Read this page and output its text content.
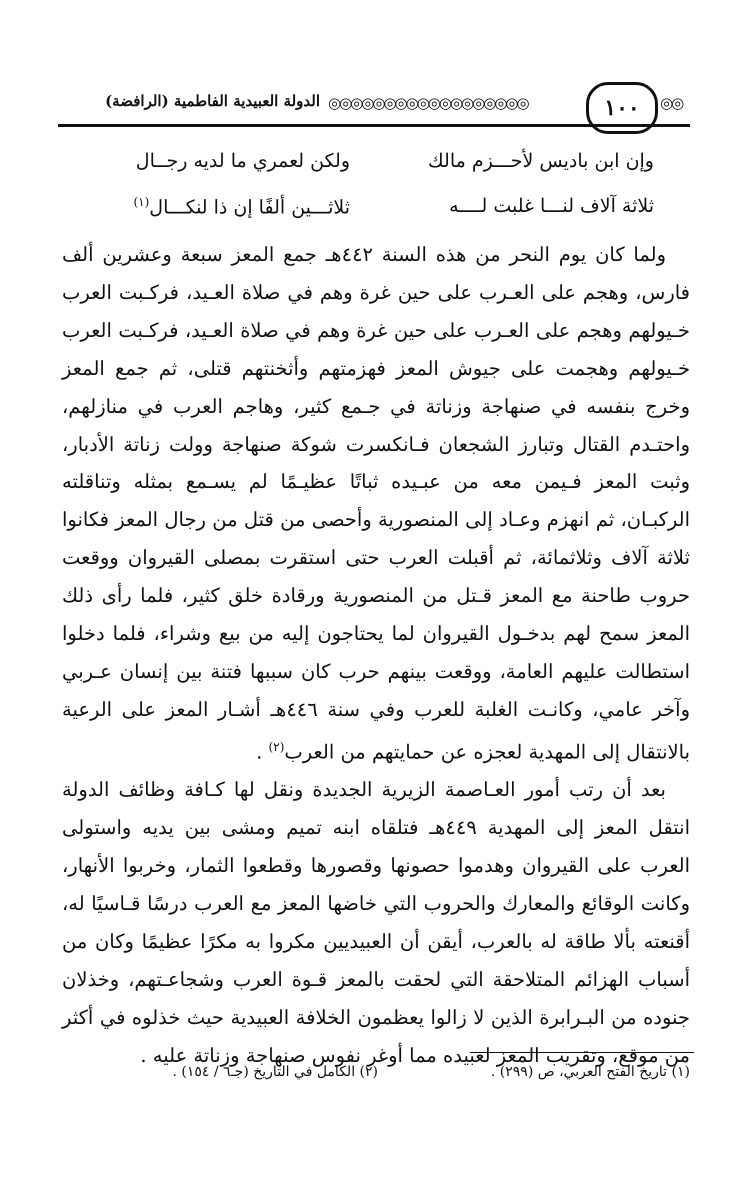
◎◎
١٠٠
◎◎◎◎◎◎◎◎◎◎◎◎◎◎◎◎◎◎
الدولة العبيدية الفاطمية (الرافضة)
وإن ابن باديس لأحـــزم مالك
ولكن لعمري ما لديه رجــال
ثلاثة آلاف لنـــا غلبت لــــه
ثلاثـــين ألفًا إن ذا لنكـــال$^{(١)}$

ولما كان يوم النحر من هذه السنة ٤٤٢هـ جمع المعز سبعة وعشرين ألف فارس، وهجم على العـرب على حين غرة وهم في صلاة العـيد، فركـبت العرب خـيولهم وهجم على العـرب على حين غرة وهم في صلاة العـيد، فركـبت العرب خـيولهم وهجمت على جيوش المعز فهزمتهم وأثخنتهم قتلى، ثم جمع المعز وخرج بنفسه في صنهاجة وزناتة في جـمع كثير، وهاجم العرب في منازلهم، واحتـدم القتال وتبارز الشجعان فـانكسرت شوكة صنهاجة وولت زناتة الأدبار، وثبت المعز فـيمن معه من عبـيده ثباتًا عظيـمًا لم يسـمع بمثله وتناقلته الركبـان، ثم انهزم وعـاد إلى المنصورية وأحصى من قتل من رجال المعز فكانوا ثلاثة آلاف وثلاثمائة، ثم أقبلت العرب حتى استقرت بمصلى القيروان ووقعت حروب طاحنة مع المعز قـتل من المنصورية ورقادة خلق كثير، فلما رأى ذلك المعز سمح لهم بدخـول القيروان لما يحتاجون إليه من بيع وشراء، فلما دخلوا استطالت عليهم العامة، ووقعت بينهم حرب كان سببها فتنة بين إنسان عـربي وآخر عامي، وكانـت الغلبة للعرب وفي سنة ٤٤٦هـ أشـار المعز على الرعية بالانتقال إلى المهدية لعجزه عن حمايتهم من العرب$^{(٢)}$ .

بعد أن رتب أمور العـاصمة الزيرية الجديدة ونقل لها كـافة وظائف الدولة انتقل المعز إلى المهدية ٤٤٩هـ فتلقاه ابنه تميم ومشى بين يديه واستولى العرب على القيروان وهدموا حصونها وقصورها وقطعوا الثمار، وخربوا الأنهار، وكانت الوقائع والمعارك والحروب التي خاضها المعز مع العرب درسًا قـاسيًا له، أقنعته بألا طاقة له بالعرب، أيقن أن العبيديين مكروا به مكرًا عظيمًا وكان من أسباب الهزائم المتلاحقة التي لحقت بالمعز قـوة العرب وشجاعـتهم، وخذلان جنوده من البـرابرة الذين لا زالوا يعظمون الخلافة العبيدية حيث خذلوه في أكثر من موقع، وتقريب المعز لعبيده مما أوغر نفوس صنهاجة وزناتة عليه .

(١) تاريخ الفتح العربي، ص (٢٩٩) .
(٢) الكامل في التاريخ (جـ٦ / ١٥٤) .
